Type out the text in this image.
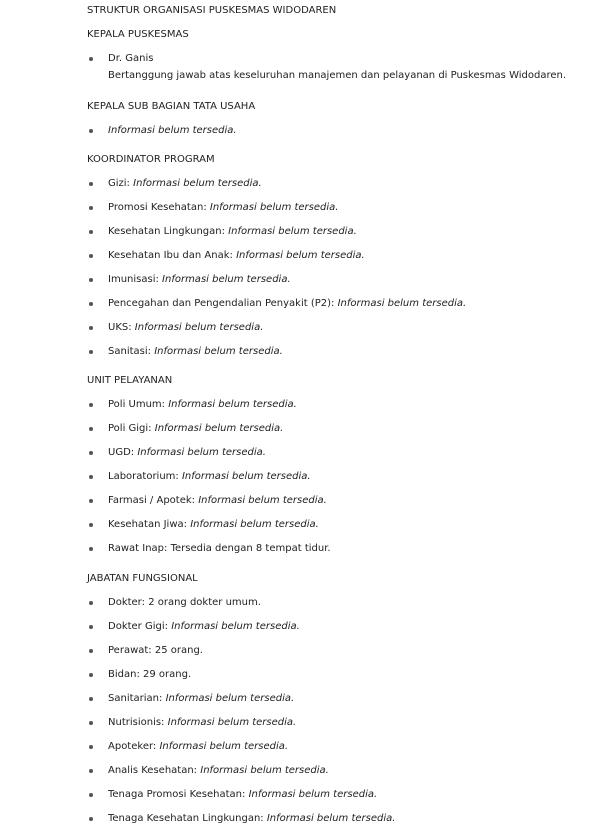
STRUKTUR ORGANISASI PUSKESMAS WIDODAREN
KEPALA PUSKESMAS
Dr. Ganis
Bertanggung jawab atas keseluruhan manajemen dan pelayanan di Puskesmas Widodaren.
KEPALA SUB BAGIAN TATA USAHA
Informasi belum tersedia.
KOORDINATOR PROGRAM
Gizi: Informasi belum tersedia.
Promosi Kesehatan: Informasi belum tersedia.
Kesehatan Lingkungan: Informasi belum tersedia.
Kesehatan Ibu dan Anak: Informasi belum tersedia.
Imunisasi: Informasi belum tersedia.
Pencegahan dan Pengendalian Penyakit (P2): Informasi belum tersedia.
UKS: Informasi belum tersedia.
Sanitasi: Informasi belum tersedia.
UNIT PELAYANAN
Poli Umum: Informasi belum tersedia.
Poli Gigi: Informasi belum tersedia.
UGD: Informasi belum tersedia.
Laboratorium: Informasi belum tersedia.
Farmasi / Apotek: Informasi belum tersedia.
Kesehatan Jiwa: Informasi belum tersedia.
Rawat Inap: Tersedia dengan 8 tempat tidur.
JABATAN FUNGSIONAL
Dokter: 2 orang dokter umum.
Dokter Gigi: Informasi belum tersedia.
Perawat: 25 orang.
Bidan: 29 orang.
Sanitarian: Informasi belum tersedia.
Nutrisionis: Informasi belum tersedia.
Apoteker: Informasi belum tersedia.
Analis Kesehatan: Informasi belum tersedia.
Tenaga Promosi Kesehatan: Informasi belum tersedia.
Tenaga Kesehatan Lingkungan: Informasi belum tersedia.
